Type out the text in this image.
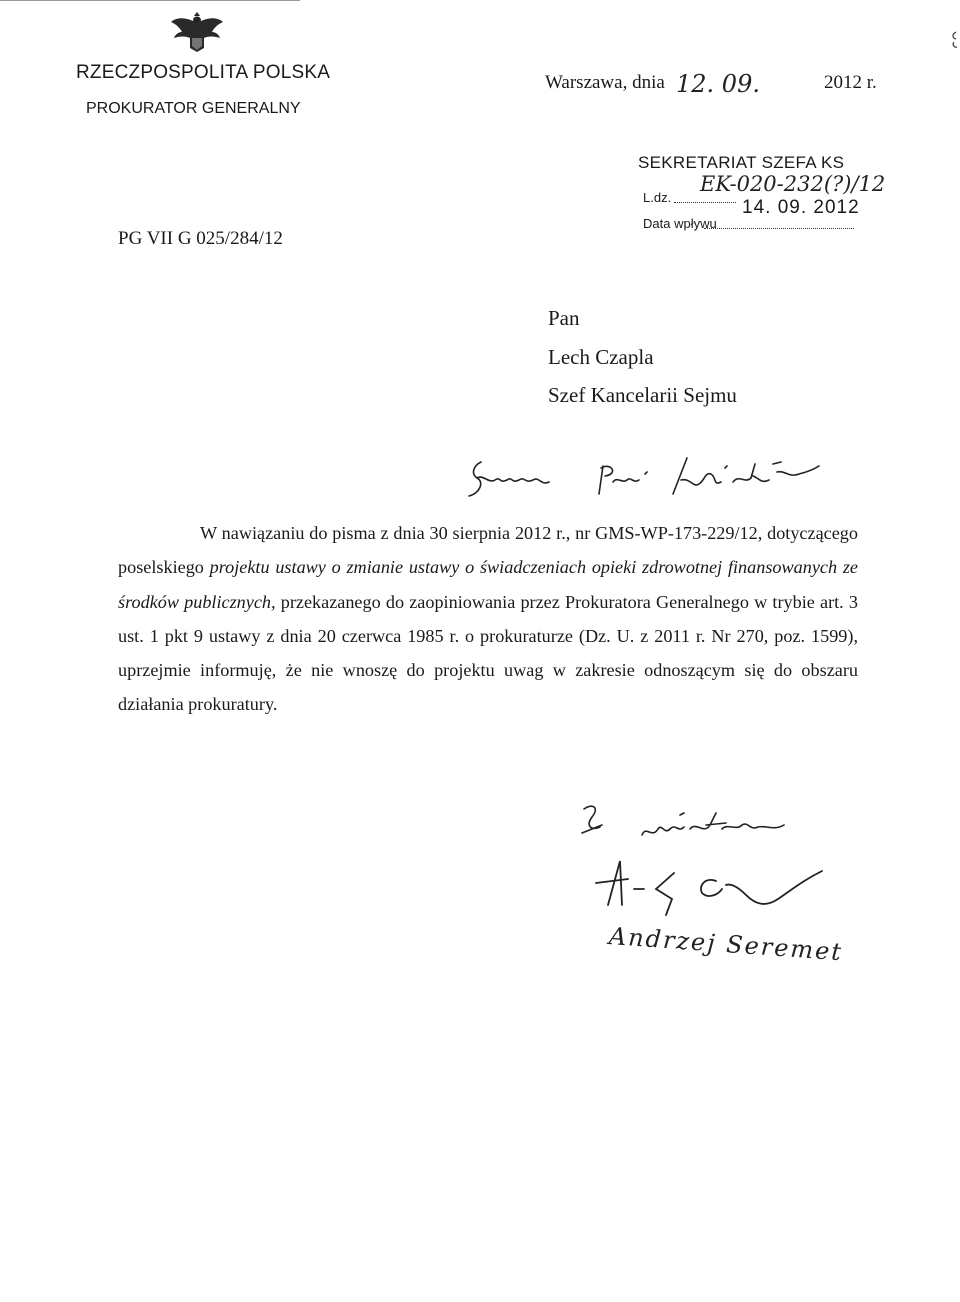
RZECZPOSPOLITA POLSKA
PROKURATOR GENERALNY
PG VII G 025/284/12
Warszawa, dnia 12. 09.	2012 r.
SEKRETARIAT SZEFA KS
L.dz.
EK-020-232(?)/12
Data wpływu
14. 09. 2012
Pan
Lech Czapla
Szef Kancelarii Sejmu
W nawiązaniu do pisma z dnia 30 sierpnia 2012 r., nr GMS-WP-173-229/12, dotyczącego poselskiego projektu ustawy o zmianie ustawy o świadczeniach opieki zdrowotnej finansowanych ze środków publicznych, przekazanego do zaopiniowania przez Prokuratora Generalnego w trybie art. 3 ust. 1 pkt 9 ustawy z dnia 20 czerwca 1985 r. o prokuraturze (Dz. U. z 2011 r. Nr 270, poz. 1599), uprzejmie informuję, że nie wnoszę do projektu uwag w zakresie odnoszącym się do obszaru działania prokuratury.
Andrzej Seremet
